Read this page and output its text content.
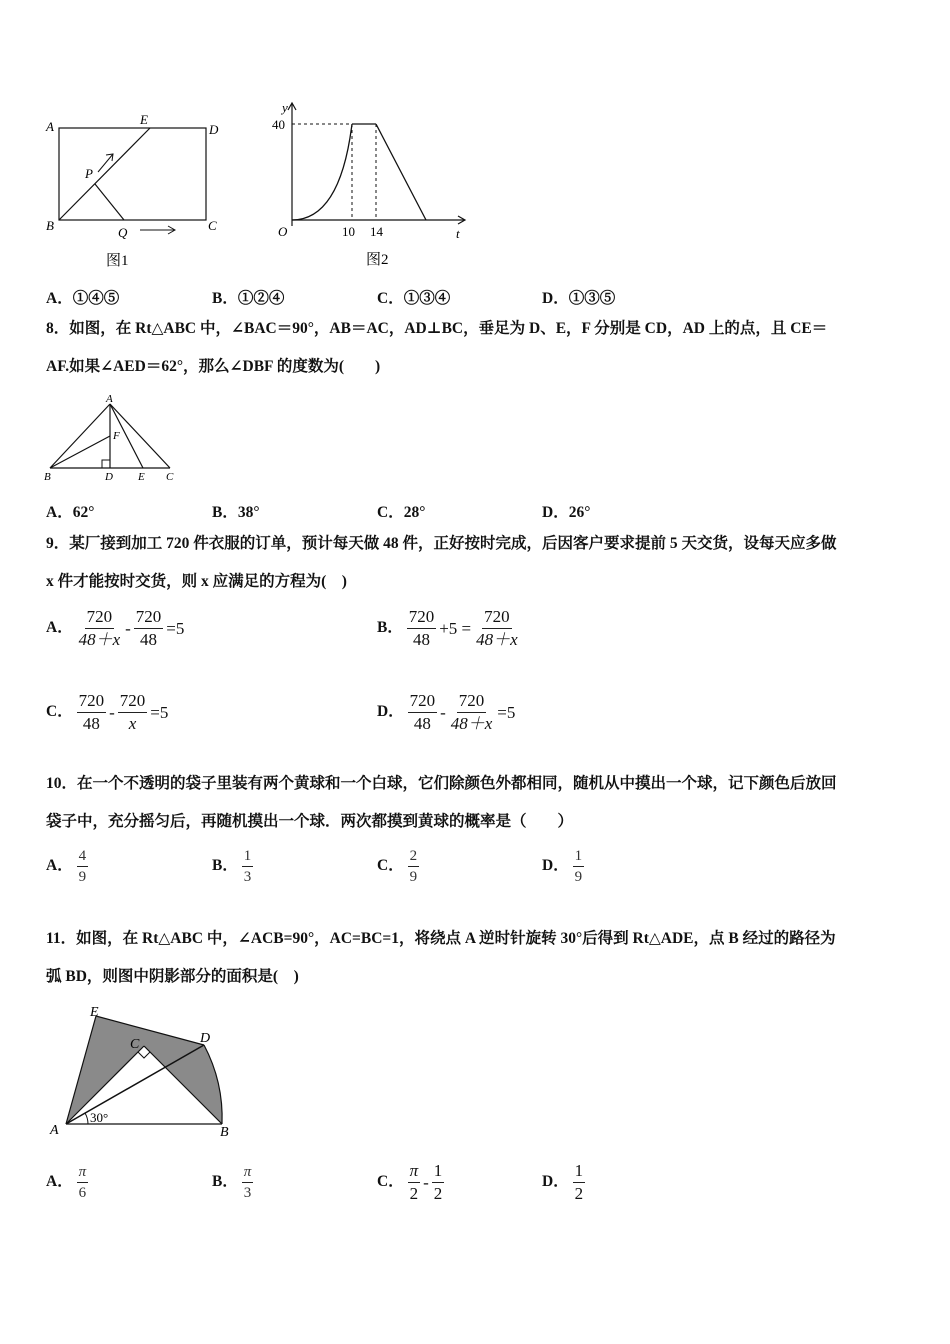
A	E
D
P
B	Q	C
图1
y
40
O	10 14	t
图2
A．①④⑤	B．①②④	C．①③④	D．①③⑤
8．如图，在 Rt△ABC 中，∠BAC＝90°，AB＝AC，AD⊥BC，垂足为 D、E，F 分别是 CD，AD 上的点，且 CE＝
AF.如果∠AED＝62°，那么∠DBF 的度数为(　　)
A
F
B	D E C
A．62°	B．38°	C．28°	D．26°
9．某厂接到加工 720 件衣服的订单，预计每天做 48 件，正好按时完成，后因客户要求提前 5 天交货，设每天应多做
x 件才能按时交货，则 x 应满足的方程为(　)
A． $\frac{720}{48+x} - \frac{720}{48} =5$	B． $\frac{720}{48} +5 = \frac{720}{48+x}$
C． $\frac{720}{48} - \frac{720}{x} =5$	D． $\frac{720}{48} - \frac{720}{48+x} =5$
10．在一个不透明的袋子里装有两个黄球和一个白球，它们除颜色外都相同，随机从中摸出一个球，记下颜色后放回
袋子中，充分摇匀后，再随机摸出一个球．两次都摸到黄球的概率是（　　）
A． $\frac{4}{9}$	B． $\frac{1}{3}$	C． $\frac{2}{9}$	D． $\frac{1}{9}$
11．如图，在 Rt△ABC 中，∠ACB=90°，AC=BC=1，将绕点 A 逆时针旋转 30°后得到 Rt△ADE，点 B 经过的路径为
弧 BD，则图中阴影部分的面积是(　)
E
D
C
A	B
30°
A． $\frac{\pi}{6}$	B． $\frac{\pi}{3}$	C． $\frac{\pi}{2} - \frac{1}{2}$	D． $\frac{1}{2}$
